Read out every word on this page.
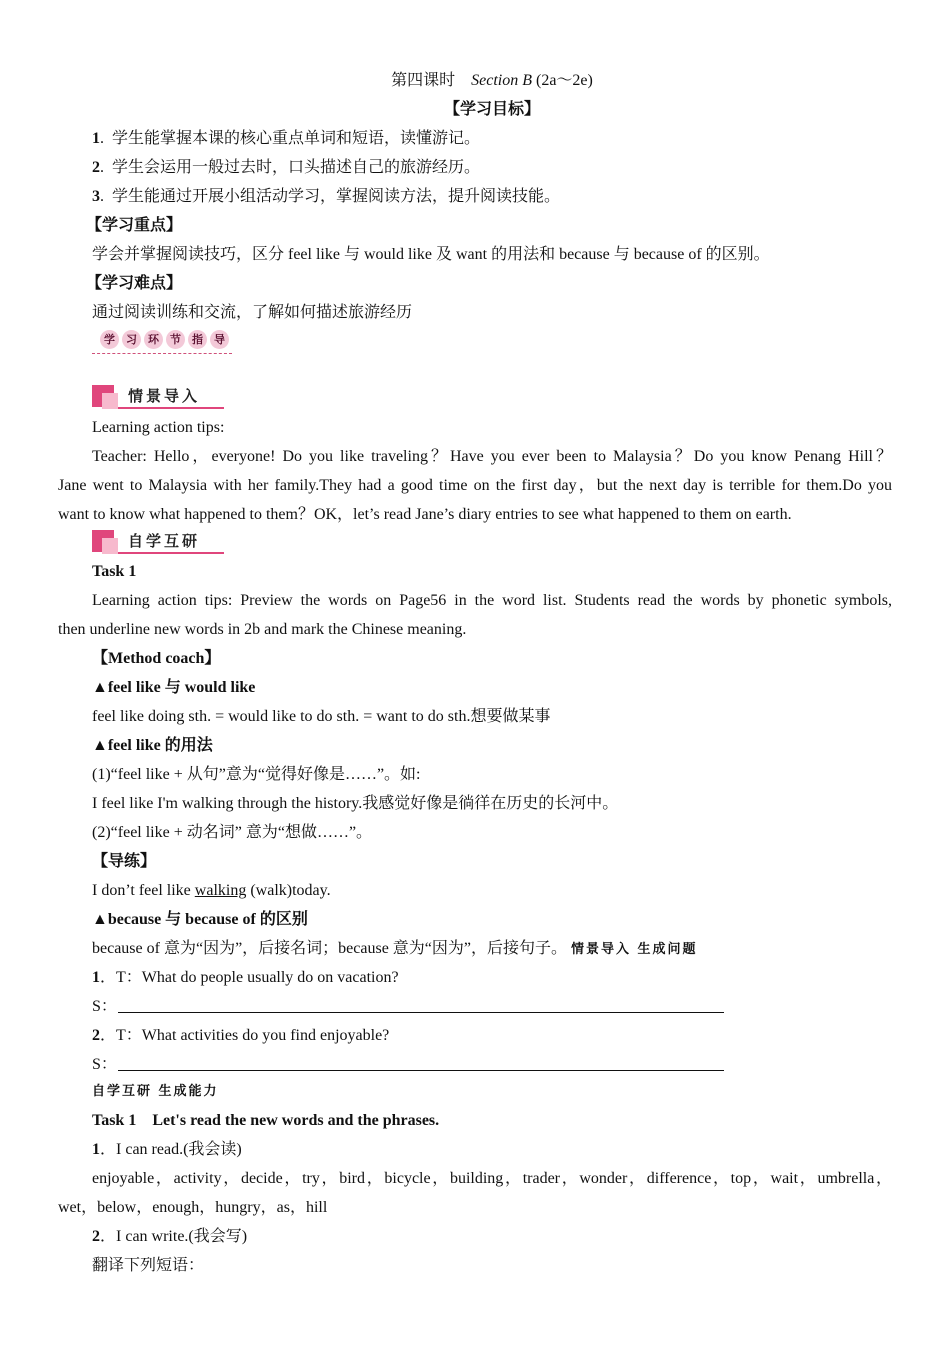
第四课时 Section B (2a～2e)
【学习目标】
1.  学生能掌握本课的核心重点单词和短语，读懂游记。
2.  学生会运用一般过去时，口头描述自己的旅游经历。
3.  学生能通过开展小组活动学习，掌握阅读方法，提升阅读技能。
【学习重点】
学会并掌握阅读技巧，区分 feel like 与 would like 及 want 的用法和 because 与 because of 的区别。
【学习难点】
通过阅读训练和交流，了解如何描述旅游经历
学	习	环	节	指	导
情景导入
Learning action tips:
Teacher: Hello，everyone! Do you like traveling？Have you ever been to Malaysia？Do you know Penang Hill？
Jane went to Malaysia with her family.They had a good time on the first day，but the next day is terrible for them.Do you
want to know what happened to them？OK，let’s read Jane’s diary entries to see what happened to them on earth.
自学互研
Task 1
Learning action tips: Preview the words on Page56 in the word list. Students read the words by phonetic symbols,
then underline new words in 2b and mark the Chinese meaning.
【Method coach】
▲feel like 与 would like
feel like doing sth. = would like to do sth. = want to do sth.想要做某事
▲feel like 的用法
(1)“feel like + 从句”意为“觉得好像是……”。如:
I feel like I'm walking through the history.我感觉好像是徜徉在历史的长河中。
(2)“feel like + 动名词” 意为“想做……”。
【导练】
I don’t feel like walking (walk)today.
▲because 与 because of 的区别
because of 意为“因为”，后接名词；because 意为“因为”，后接句子。 情景导入 生成问题
1．T：What do people usually do on vacation?
S：
2．T：What activities do you find enjoyable?
S：
自学互研 生成能力
Task 1 Let's read the new words and the phrases.
1．I can read.(我会读)
enjoyable，activity，decide，try，bird，bicycle，building，trader，wonder，difference，top，wait，umbrella，
wet，below，enough，hungry，as，hill
2．I can write.(我会写)
翻译下列短语：
